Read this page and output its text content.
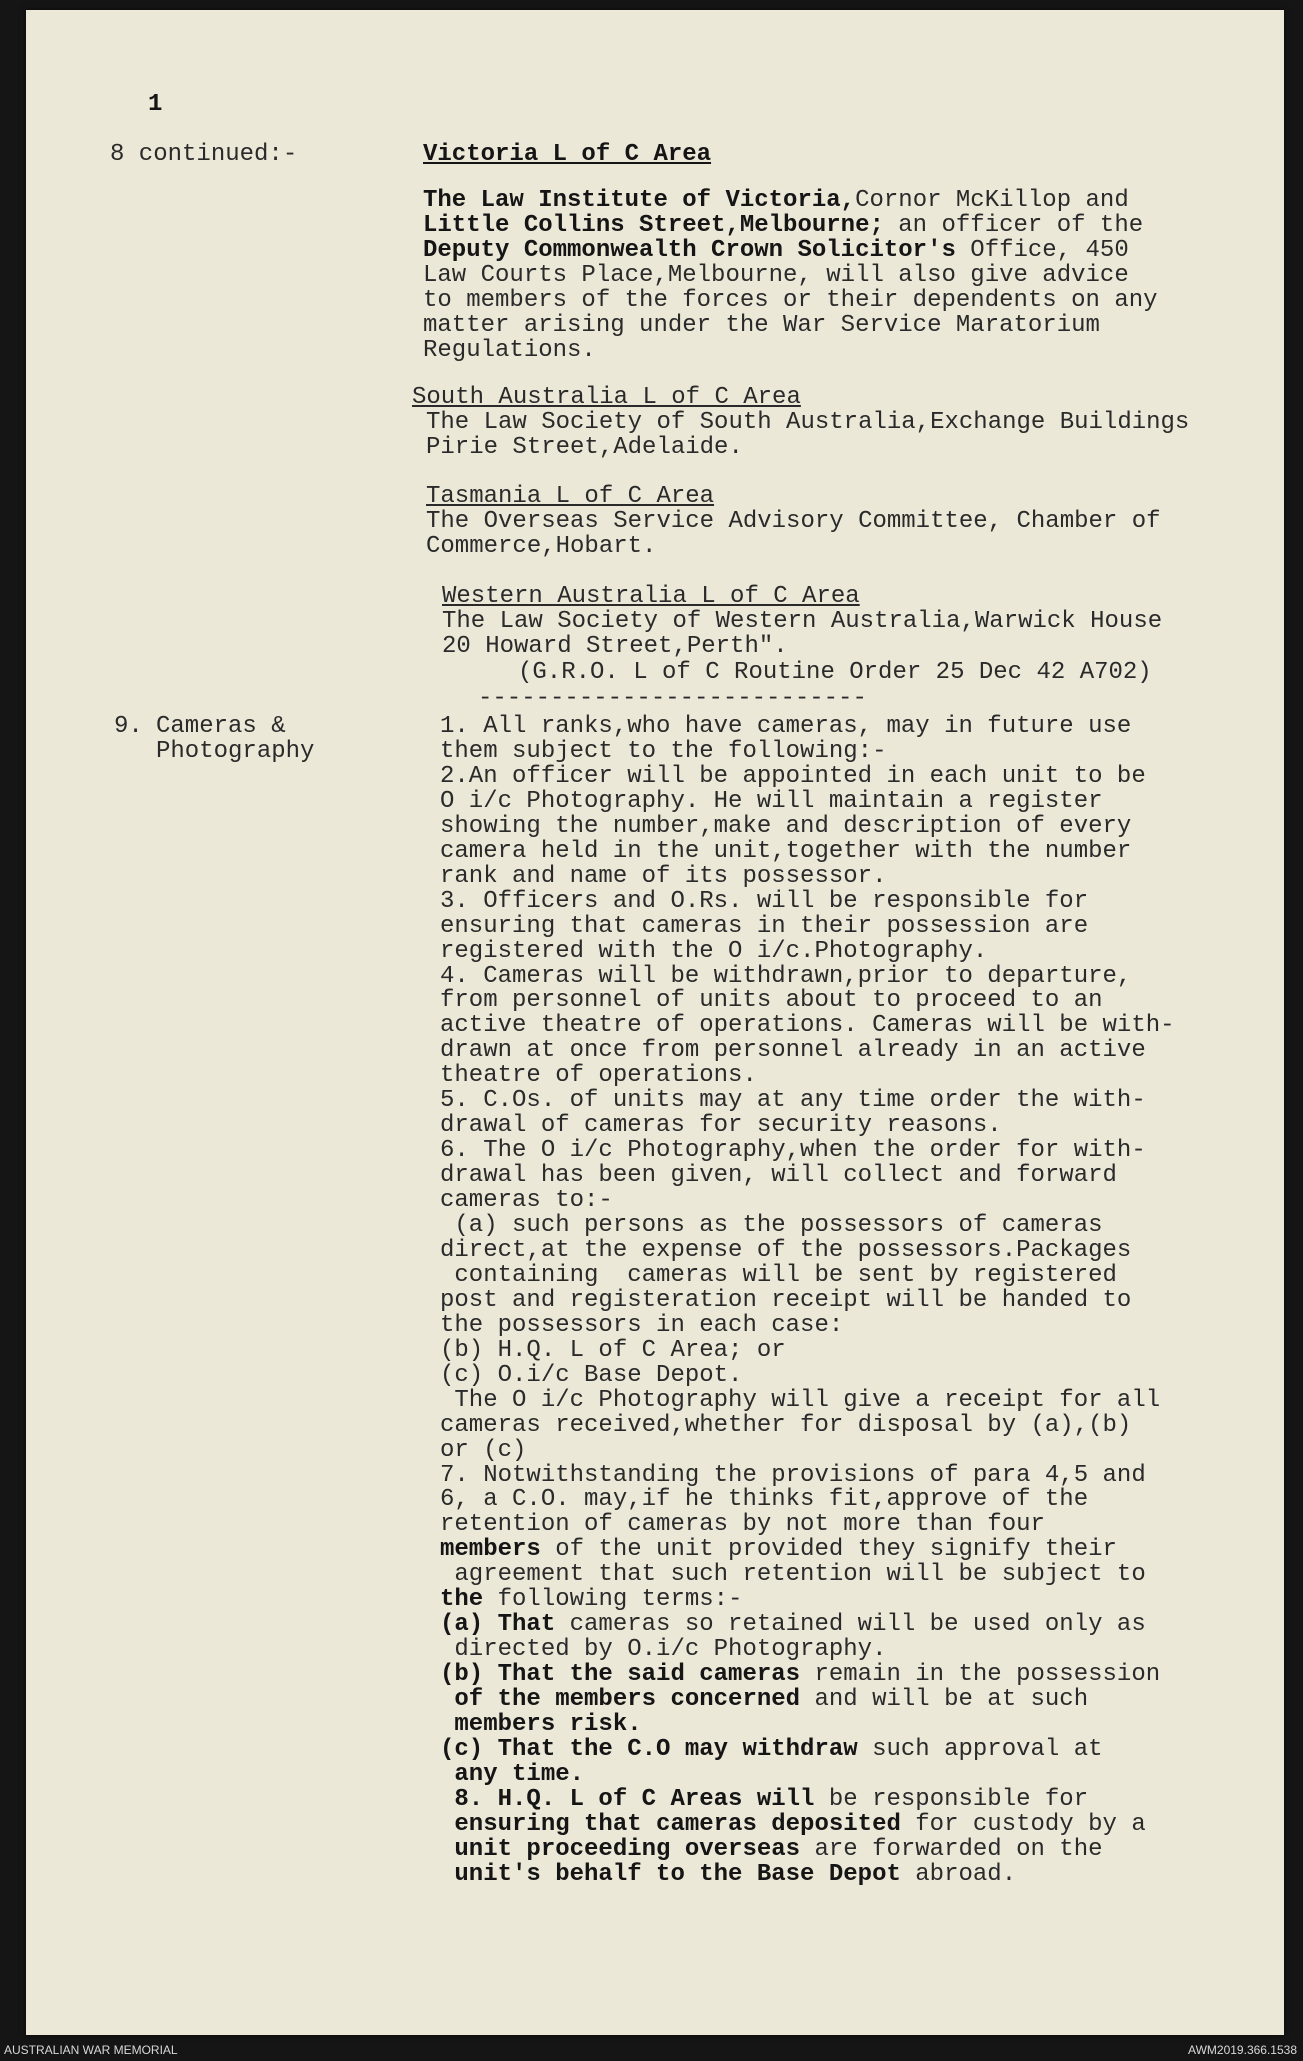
1
8 continued:-	Victoria L of C Area
The Law Institute of Victoria,Cornor McKillop and
Little Collins Street,Melbourne; an officer of the
Deputy Commonwealth Crown Solicitor's Office, 450
Law Courts Place,Melbourne, will also give advice
to members of the forces or their dependents on any
matter arising under the War Service Maratorium
Regulations.
South Australia L of C Area
The Law Society of South Australia,Exchange Buildings
Pirie Street,Adelaide.
Tasmania L of C Area
The Overseas Service Advisory Committee, Chamber of
Commerce,Hobart.
Western Australia L of C Area
The Law Society of Western Australia,Warwick House
20 Howard Street,Perth".
(G.R.O. L of C Routine Order 25 Dec 42 A702)
---------------------------
9. Cameras &
Photography
1. All ranks,who have cameras, may in future use
them subject to the following:-
2.An officer will be appointed in each unit to be
O i/c Photography. He will maintain a register
showing the number,make and description of every
camera held in the unit,together with the number
rank and name of its possessor.
3. Officers and O.Rs. will be responsible for
ensuring that cameras in their possession are
registered with the O i/c.Photography.
4. Cameras will be withdrawn,prior to departure,
from personnel of units about to proceed to an
active theatre of operations. Cameras will be with-
drawn at once from personnel already in an active
theatre of operations.
5. C.Os. of units may at any time order the with-
drawal of cameras for security reasons.
6. The O i/c Photography,when the order for with-
drawal has been given, will collect and forward
cameras to:-
(a) such persons as the possessors of cameras
direct,at the expense of the possessors.Packages
containing  cameras will be sent by registered
post and registeration receipt will be handed to
the possessors in each case:
(b) H.Q. L of C Area; or
(c) O.i/c Base Depot.
The O i/c Photography will give a receipt for all
cameras received,whether for disposal by (a),(b)
or (c)
7. Notwithstanding the provisions of para 4,5 and
6, a C.O. may,if he thinks fit,approve of the
retention of cameras by not more than four
members of the unit provided they signify their
agreement that such retention will be subject to
the following terms:-
(a) That cameras so retained will be used only as
directed by O.i/c Photography.
(b) That the said cameras remain in the possession
of the members concerned and will be at such
members risk.
(c) That the C.O may withdraw such approval at
any time.
8. H.Q. L of C Areas will be responsible for
ensuring that cameras deposited for custody by a
unit proceeding overseas are forwarded on the
unit's behalf to the Base Depot abroad.
AUSTRALIAN WAR MEMORIAL	AWM2019.366.1538
